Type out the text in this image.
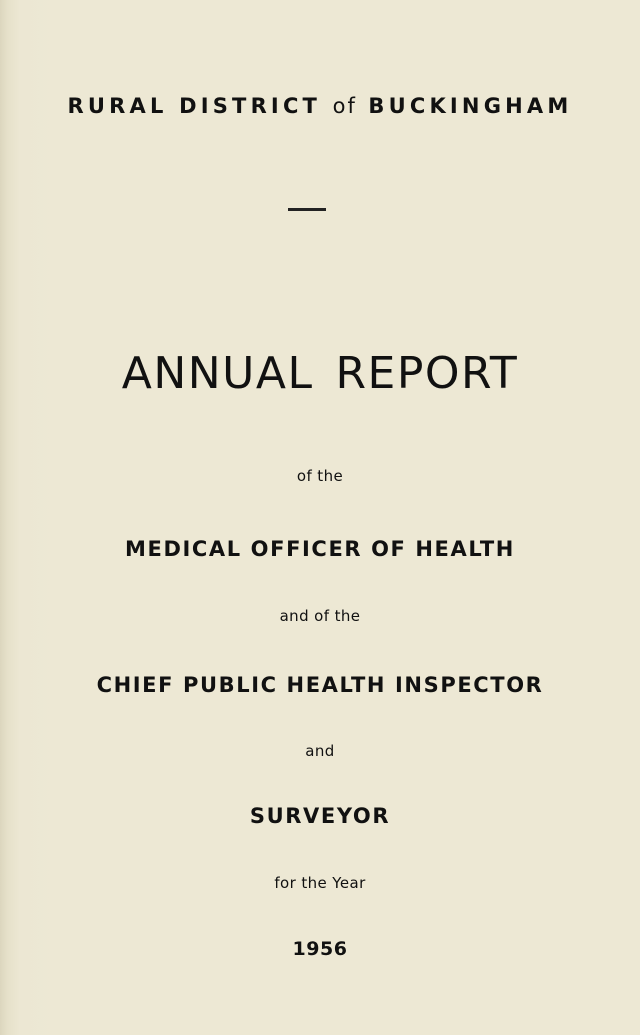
RURAL DISTRICT of BUCKINGHAM
ANNUAL REPORT
of the
MEDICAL OFFICER OF HEALTH
and of the
CHIEF PUBLIC HEALTH INSPECTOR
and
SURVEYOR
for the Year
1956
